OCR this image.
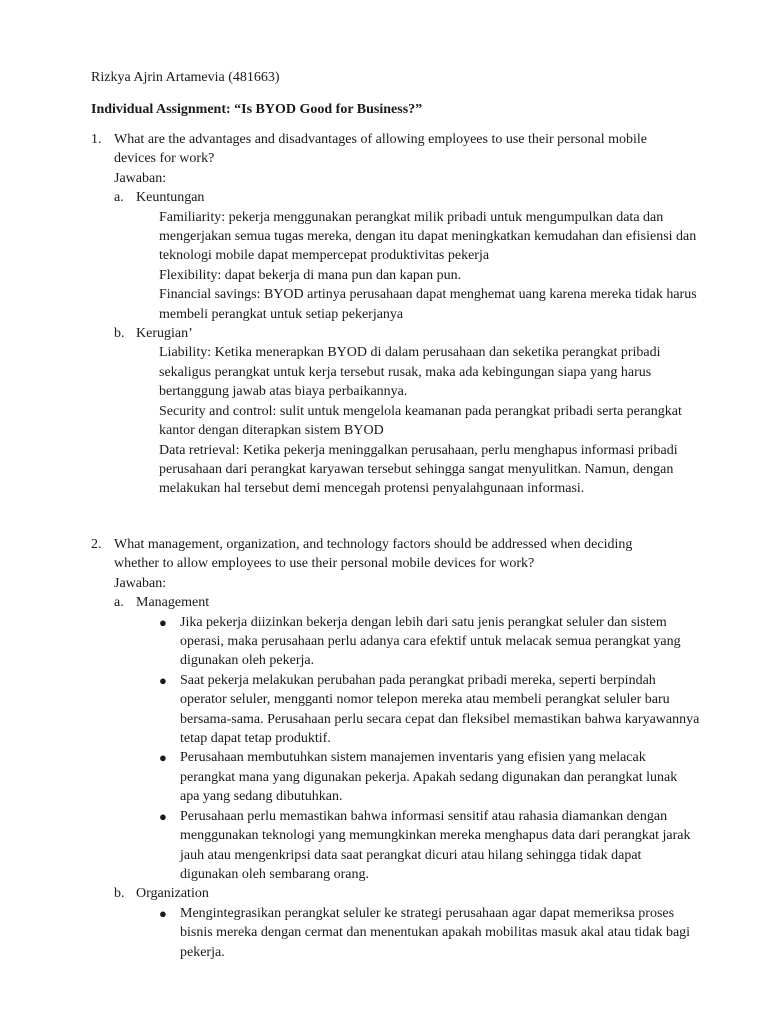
Rizkya Ajrin Artamevia (481663)
Individual Assignment: “Is BYOD Good for Business?”
1. What are the advantages and disadvantages of allowing employees to use their personal mobile devices for work?
Jawaban:
a. Keuntungan
Familiarity: pekerja menggunakan perangkat milik pribadi untuk mengumpulkan data dan mengerjakan semua tugas mereka, dengan itu dapat meningkatkan kemudahan dan efisiensi dan teknologi mobile dapat mempercepat produktivitas pekerja
Flexibility: dapat bekerja di mana pun dan kapan pun.
Financial savings: BYOD artinya perusahaan dapat menghemat uang karena mereka tidak harus membeli perangkat untuk setiap pekerjanya
b. Kerugian’
Liability: Ketika menerapkan BYOD di dalam perusahaan dan seketika perangkat pribadi sekaligus perangkat untuk kerja tersebut rusak, maka ada kebingungan siapa yang harus bertanggung jawab atas biaya perbaikannya.
Security and control: sulit untuk mengelola keamanan pada perangkat pribadi serta perangkat kantor dengan diterapkan sistem BYOD
Data retrieval: Ketika pekerja meninggalkan perusahaan, perlu menghapus informasi pribadi perusahaan dari perangkat karyawan tersebut sehingga sangat menyulitkan. Namun, dengan melakukan hal tersebut demi mencegah protensi penyalahgunaan informasi.
2. What management, organization, and technology factors should be addressed when deciding whether to allow employees to use their personal mobile devices for work?
Jawaban:
a. Management
● Jika pekerja diizinkan bekerja dengan lebih dari satu jenis perangkat seluler dan sistem operasi, maka perusahaan perlu adanya cara efektif untuk melacak semua perangkat yang digunakan oleh pekerja.
● Saat pekerja melakukan perubahan pada perangkat pribadi mereka, seperti berpindah operator seluler, mengganti nomor telepon mereka atau membeli perangkat seluler baru bersama-sama. Perusahaan perlu secara cepat dan fleksibel memastikan bahwa karyawannya tetap dapat tetap produktif.
● Perusahaan membutuhkan sistem manajemen inventaris yang efisien yang melacak perangkat mana yang digunakan pekerja. Apakah sedang digunakan dan perangkat lunak apa yang sedang dibutuhkan.
● Perusahaan perlu memastikan bahwa informasi sensitif atau rahasia diamankan dengan menggunakan teknologi yang memungkinkan mereka menghapus data dari perangkat jarak jauh atau mengenkripsi data saat perangkat dicuri atau hilang sehingga tidak dapat digunakan oleh sembarang orang.
b. Organization
● Mengintegrasikan perangkat seluler ke strategi perusahaan agar dapat memeriksa proses bisnis mereka dengan cermat dan menentukan apakah mobilitas masuk akal atau tidak bagi pekerja.
